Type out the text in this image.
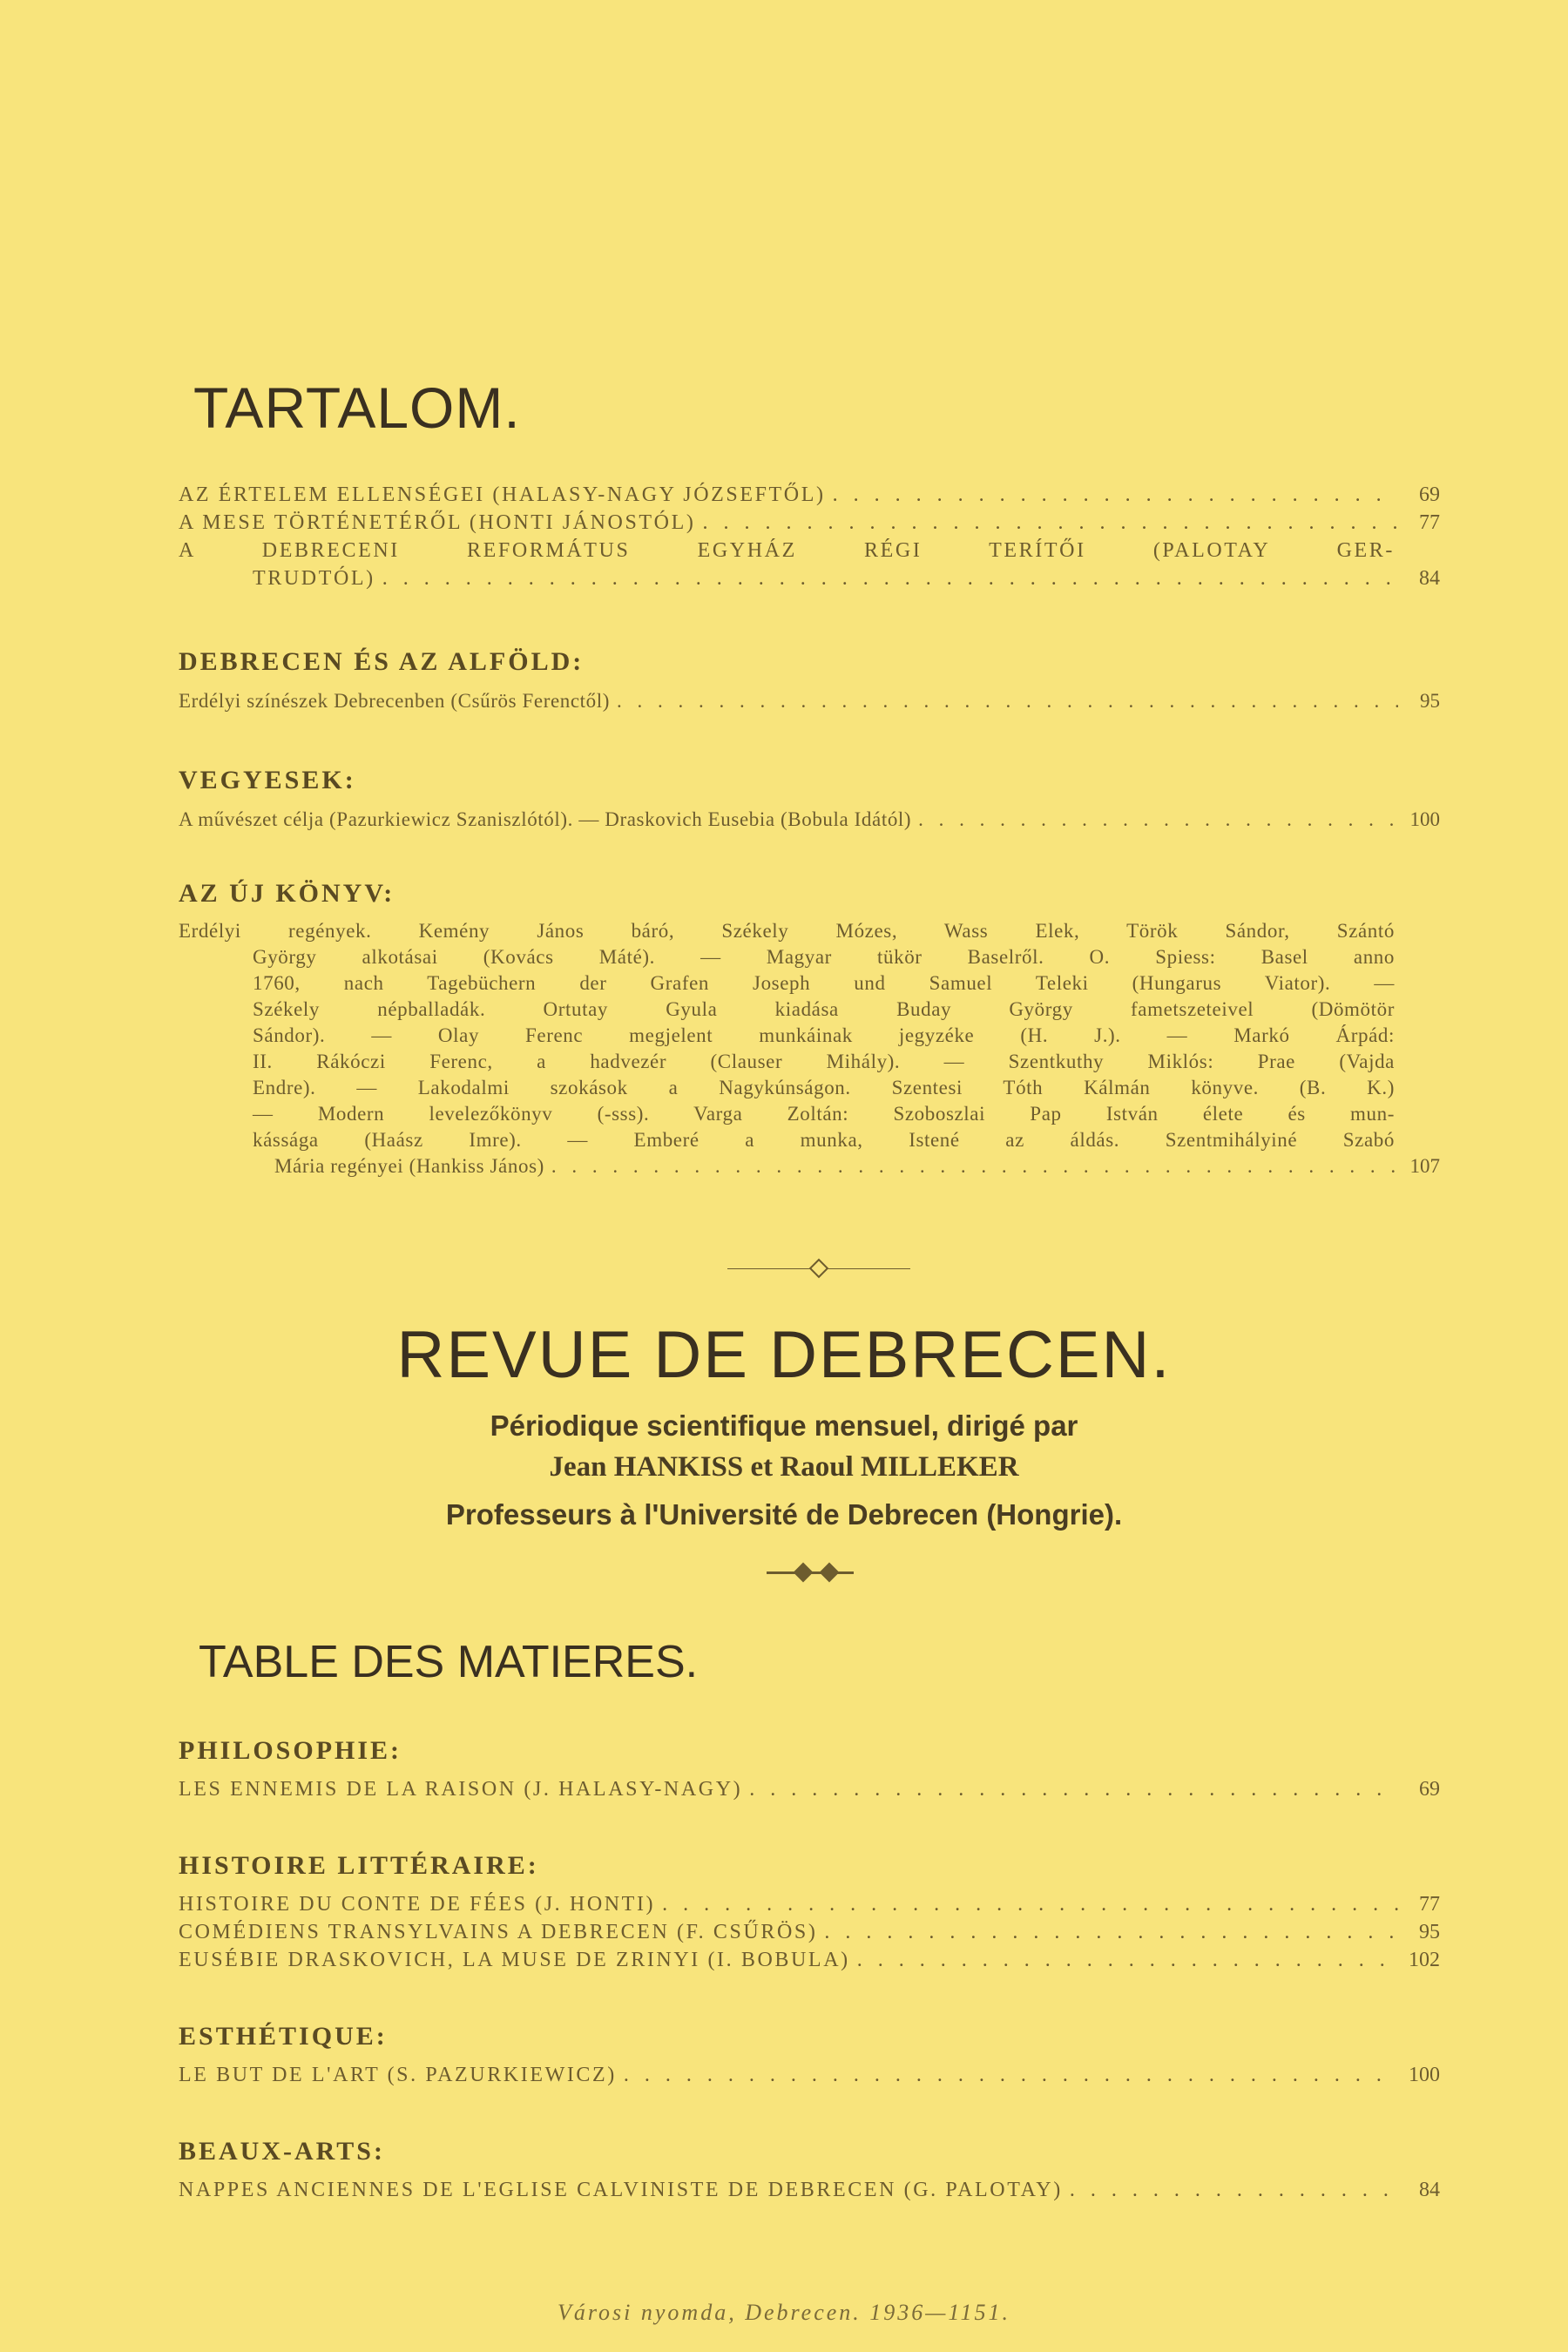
TARTALOM.
AZ ÉRTELEM ELLENSÉGEI (HALASY-NAGY JÓZSEFTŐL) . . .	69
A MESE TÖRTÉNETÉRŐL (HONTI JÁNOSTÓL) . . .	77
A DEBRECENI REFORMÁTUS EGYHÁZ RÉGI TERÍTŐI (PALOTAY GER-
TRUDTÓL) . . .	84
DEBRECEN ÉS AZ ALFÖLD:
Erdélyi színészek Debrecenben (Csűrös Ferenctől) . . .	95
VEGYESEK:
A művészet célja (Pazurkiewicz Szaniszlótól). — Draskovich Eusebia (Bobula Idától) . . .	100
AZ ÚJ KÖNYV:
Erdélyi regények. Kemény János báró, Székely Mózes, Wass Elek, Török Sándor, Szántó
György alkotásai (Kovács Máté). — Magyar tükör Baselről. O. Spiess: Basel anno
1760, nach Tagebüchern der Grafen Joseph und Samuel Teleki (Hungarus Viator). —
Székely népballadák. Ortutay Gyula kiadása Buday György fametszeteivel (Dömötör
Sándor). — Olay Ferenc megjelent munkáinak jegyzéke (H. J.). — Markó Árpád:
II. Rákóczi Ferenc, a hadvezér (Clauser Mihály). — Szentkuthy Miklós: Prae (Vajda
Endre). — Lakodalmi szokások a Nagykúnságon. Szentesi Tóth Kálmán könyve. (B. K.)
— Modern levelezőkönyv (-sss). Varga Zoltán: Szoboszlai Pap István élete és mun-
kássága (Haász Imre). — Emberé a munka, Istené az áldás. Szentmihályiné Szabó
Mária regényei (Hankiss János) . . .	107
REVUE DE DEBRECEN.
Périodique scientifique mensuel, dirigé par
Jean HANKISS et Raoul MILLEKER
Professeurs à l'Université de Debrecen (Hongrie).
TABLE DES MATIERES.
PHILOSOPHIE:
LES ENNEMIS DE LA RAISON (J. HALASY-NAGY) . . .	69
HISTOIRE LITTÉRAIRE:
HISTOIRE DU CONTE DE FÉES (J. HONTI) . . .	77
COMÉDIENS TRANSYLVAINS A DEBRECEN (F. CSŰRÖS) . . .	95
EUSÉBIE DRASKOVICH, LA MUSE DE ZRINYI (I. BOBULA) . . .	102
ESTHÉTIQUE:
LE BUT DE L'ART (S. PAZURKIEWICZ) . . .	100
BEAUX-ARTS:
NAPPES ANCIENNES DE L'EGLISE CALVINISTE DE DEBRECEN (G. PALOTAY) . . .	84
Városi nyomda, Debrecen. 1936—1151.
